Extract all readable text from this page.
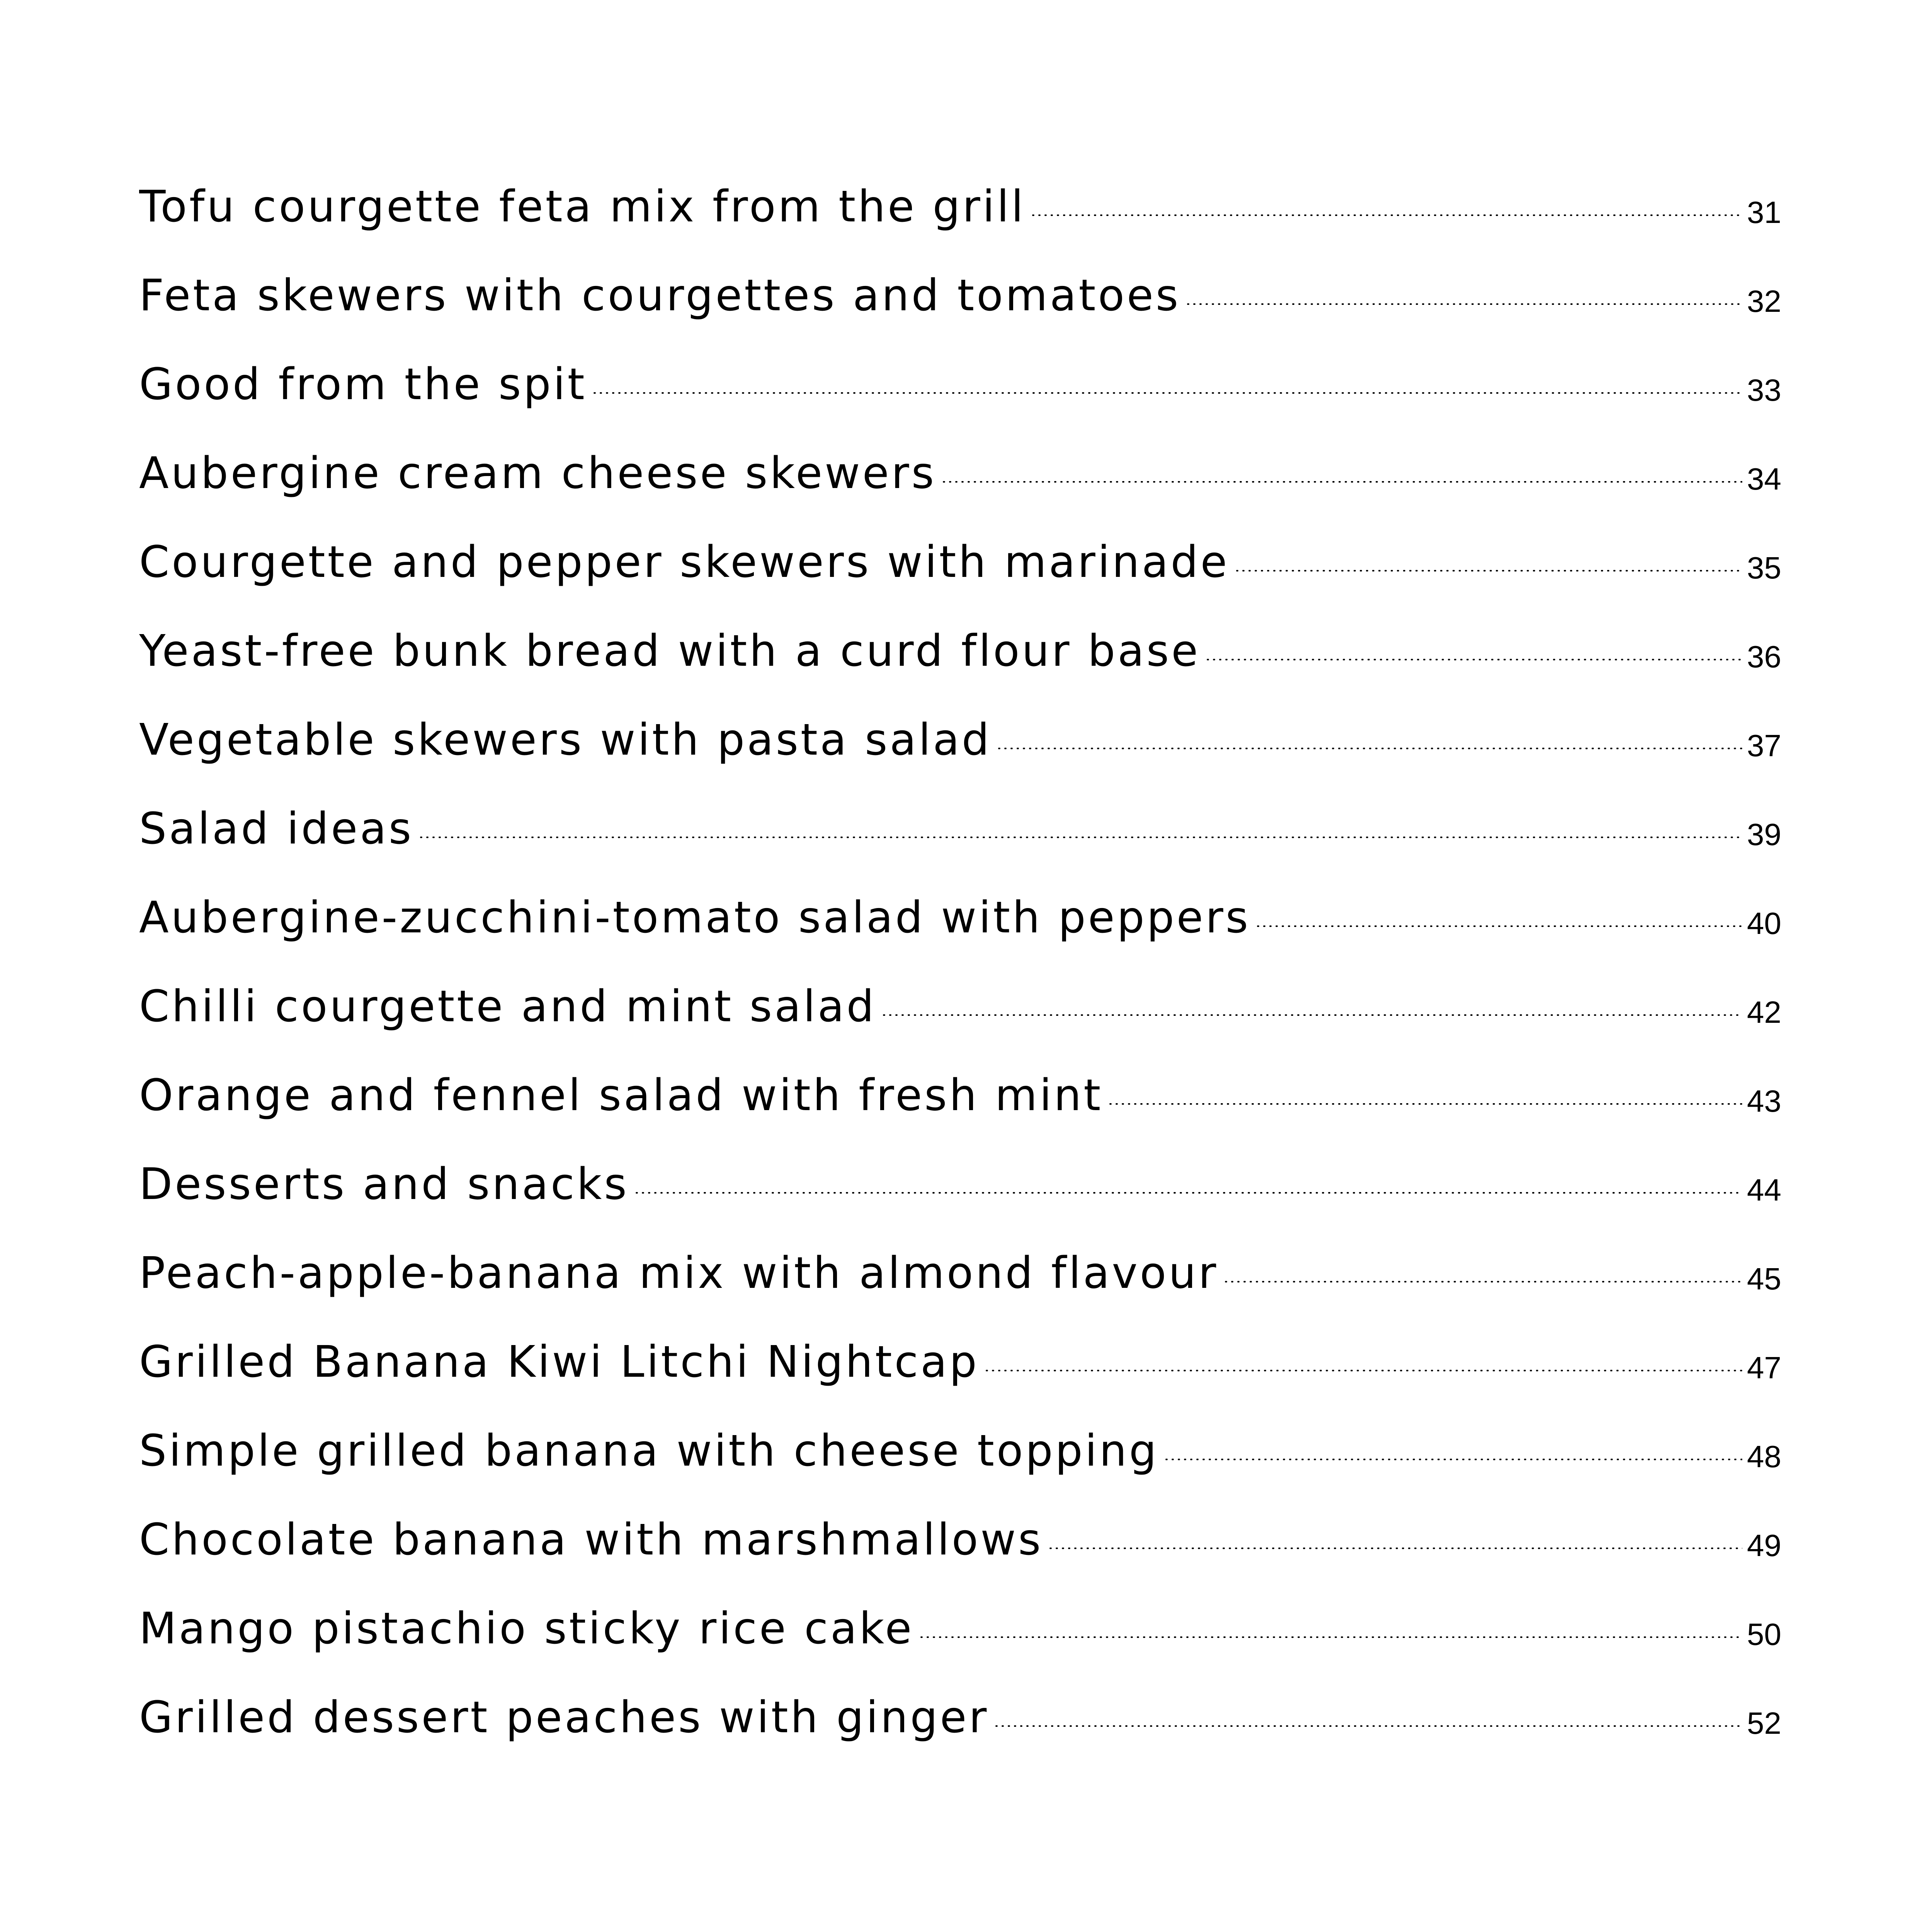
Tofu courgette feta mix from the grill	31
Feta skewers with courgettes and tomatoes	32
Good from the spit	33
Aubergine cream cheese skewers	34
Courgette and pepper skewers with marinade	35
Yeast-free bunk bread with a curd flour base	36
Vegetable skewers with pasta salad	37
Salad ideas	39
Aubergine-zucchini-tomato salad with peppers	40
Chilli courgette and mint salad	42
Orange and fennel salad with fresh mint	43
Desserts and snacks	44
Peach-apple-banana mix with almond flavour	45
Grilled Banana Kiwi Litchi Nightcap	47
Simple grilled banana with cheese topping	48
Chocolate banana with marshmallows	49
Mango pistachio sticky rice cake	50
Grilled dessert peaches with ginger	52
